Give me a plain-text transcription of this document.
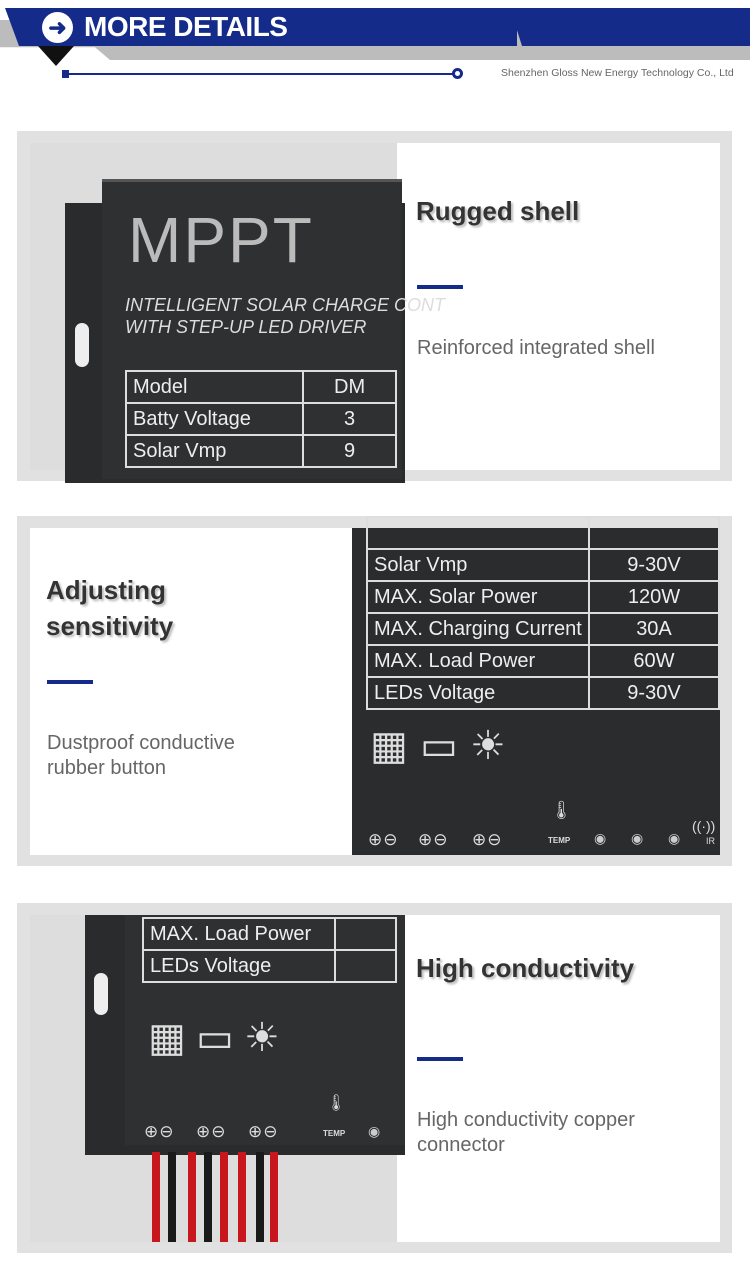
➜ MORE DETAILS
Shenzhen Gloss New Energy Technology Co., Ltd
MPPT
INTELLIGENT SOLAR CHARGE CONT
WITH STEP-UP LED DRIVER
Model	DM
Batty Voltage	3
Solar Vmp	9
Rugged shell
Reinforced integrated shell
Adjusting
sensitivity
Dustproof conductive
rubber button

Solar Vmp	9-30V
MAX. Solar Power	120W
MAX. Charging Current	30A
MAX. Load Power	60W
LEDs Voltage	9-30V
▦ ▭ ☀
⊕⊖ ⊕⊖ ⊕⊖
🌡
TEMP ◉ ◉ ◉
((·))
IR
MAX. Load Power	
LEDs Voltage	
▦ ▭ ☀
⊕⊖ ⊕⊖ ⊕⊖
🌡
TEMP ◉
High conductivity
High conductivity copper
connector
